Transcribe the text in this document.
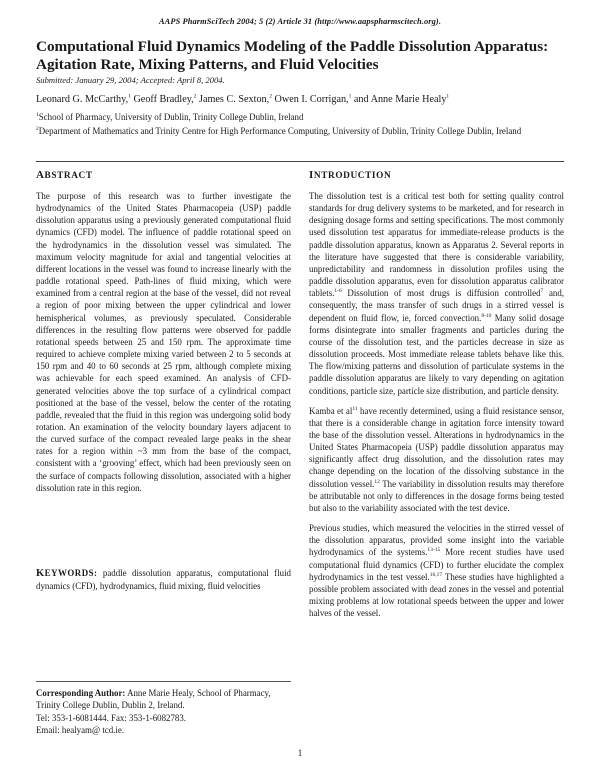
AAPS PharmSciTech 2004; 5 (2) Article 31 (http://www.aapspharmscitech.org).
Computational Fluid Dynamics Modeling of the Paddle Dissolution Apparatus:
Agitation Rate, Mixing Patterns, and Fluid Velocities
Submitted: January 29, 2004; Accepted: April 8, 2004.
Leonard G. McCarthy,$^1$ Geoff Bradley,$^2$ James C. Sexton,$^2$ Owen I. Corrigan,$^1$ and Anne Marie Healy$^1$
$^1$School of Pharmacy, University of Dublin, Trinity College Dublin, Ireland
$^2$Department of Mathematics and Trinity Centre for High Performance Computing, University of Dublin, Trinity College Dublin, Ireland
ABSTRACT

The purpose of this research was to further investigate the hydrodynamics of the United States Pharmacopeia (USP) paddle dissolution apparatus using a previously generated computational fluid dynamics (CFD) model. The influence of paddle rotational speed on the hydrodynamics in the dissolution vessel was simulated. The maximum velocity magnitude for axial and tangential velocities at different locations in the vessel was found to increase linearly with the paddle rotational speed. Path-lines of fluid mixing, which were examined from a central region at the base of the vessel, did not reveal a region of poor mixing between the upper cylindrical and lower hemispherical volumes, as previously speculated. Considerable differences in the resulting flow patterns were observed for paddle rotational speeds between 25 and 150 rpm. The approximate time required to achieve complete mixing varied between 2 to 5 seconds at 150 rpm and 40 to 60 seconds at 25 rpm, although complete mixing was achievable for each speed examined. An analysis of CFD-generated velocities above the top surface of a cylindrical compact positioned at the base of the vessel, below the center of the rotating paddle, revealed that the fluid in this region was undergoing solid body rotation. An examination of the velocity boundary layers adjacent to the curved surface of the compact revealed large peaks in the shear rates for a region within ~3 mm from the base of the compact, consistent with a ‘grooving’ effect, which had been previously seen on the surface of compacts following dissolution, associated with a higher dissolution rate in this region.

KEYWORDS: paddle dissolution apparatus, computational fluid dynamics (CFD), hydrodynamics, fluid mixing, fluid velocities
Corresponding Author: Anne Marie Healy, School of Pharmacy, Trinity College Dublin, Dublin 2, Ireland.
Tel: 353-1-6081444. Fax: 353-1-6082783.
Email: healyam@ tcd.ie.
INTRODUCTION

The dissolution test is a critical test both for setting quality control standards for drug delivery systems to be marketed, and for research in designing dosage forms and setting specifications. The most commonly used dissolution test apparatus for immediate-release products is the paddle dissolution apparatus, known as Apparatus 2. Several reports in the literature have suggested that there is considerable variability, unpredictability and randomness in dissolution profiles using the paddle dissolution apparatus, even for dissolution apparatus calibrator tablets.$^{1-6}$ Dissolution of most drugs is diffusion controlled$^7$ and, consequently, the mass transfer of such drugs in a stirred vessel is dependent on fluid flow, ie, forced convection.$^{8-10}$ Many solid dosage forms disintegrate into smaller fragments and particles during the course of the dissolution test, and the particles decrease in size as dissolution proceeds. Most immediate release tablets behave like this. The flow/mixing patterns and dissolution of particulate systems in the paddle dissolution apparatus are likely to vary depending on agitation conditions, particle size, particle size distribution, and particle density.

Kamba et $al^{11}$ have recently determined, using a fluid resistance sensor, that there is a considerable change in agitation force intensity toward the base of the dissolution vessel. Alterations in hydrodynamics in the United States Pharmacopeia (USP) paddle dissolution apparatus may significantly affect drug dissolution, and the dissolution rates may change depending on the location of the dissolving substance in the dissolution vessel.$^{12}$ The variability in dissolution results may therefore be attributable not only to differences in the dosage forms being tested but also to the variability associated with the test device.

Previous studies, which measured the velocities in the stirred vessel of the dissolution apparatus, provided some insight into the variable hydrodynamics of the systems.$^{13-15}$ More recent studies have used computational fluid dynamics (CFD) to further elucidate the complex hydrodynamics in the test vessel.$^{16,17}$ These studies have highlighted a possible problem associated with dead zones in the vessel and potential mixing problems at low rotational speeds between the upper and lower halves of the vessel.

1
